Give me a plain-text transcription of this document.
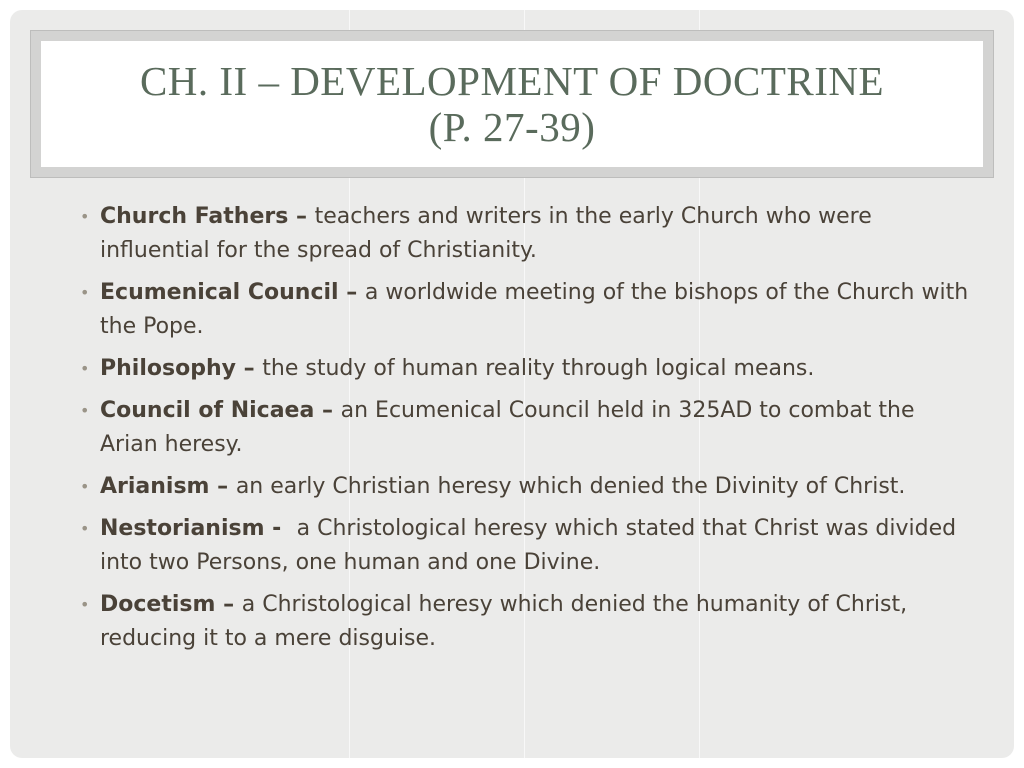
CH. II – DEVELOPMENT OF DOCTRINE
(P. 27-39)
• Church Fathers – teachers and writers in the early Church who were influential for the spread of Christianity.
• Ecumenical Council – a worldwide meeting of the bishops of the Church with the Pope.
• Philosophy – the study of human reality through logical means.
• Council of Nicaea – an Ecumenical Council held in 325AD to combat the Arian heresy.
• Arianism – an early Christian heresy which denied the Divinity of Christ.
• Nestorianism -  a Christological heresy which stated that Christ was divided into two Persons, one human and one Divine.
• Docetism – a Christological heresy which denied the humanity of Christ, reducing it to a mere disguise.
